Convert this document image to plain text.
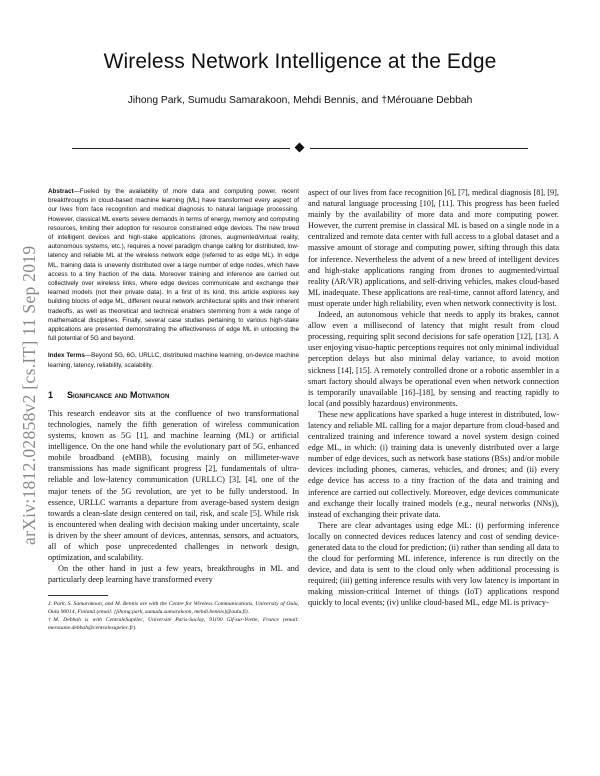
Wireless Network Intelligence at the Edge
Jihong Park, Sumudu Samarakoon, Mehdi Bennis, and †Mérouane Debbah
arXiv:1812.02858v2 [cs.IT] 11 Sep 2019

Abstract—Fueled by the availability of more data and computing power, recent breakthroughs in cloud-based machine learning (ML) have transformed every aspect of our lives from face recognition and medical diagnosis to natural language processing. However, classical ML exerts severe demands in terms of energy, memory and computing resources, limiting their adoption for resource constrained edge devices. The new breed of intelligent devices and high-stake applications (drones, augmented/virtual reality, autonomous systems, etc.), requires a novel paradigm change calling for distributed, low-latency and reliable ML at the wireless network edge (referred to as edge ML). In edge ML, training data is unevenly distributed over a large number of edge nodes, which have access to a tiny fraction of the data. Moreover training and inference are carried out collectively over wireless links, where edge devices communicate and exchange their learned models (not their private data). In a first of its kind, this article explores key building blocks of edge ML, different neural network architectural splits and their inherent tradeoffs, as well as theoretical and technical enablers stemming from a wide range of mathematical disciplines. Finally, several case studies pertaining to various high-stake applications are presented demonstrating the effectiveness of edge ML in unlocking the full potential of 5G and beyond.

Index Terms—Beyond 5G, 6G, URLLC, distributed machine learning, on-device machine learning, latency, reliability, scalability.

1 Significance and Motivation

This research endeavor sits at the confluence of two transformational technologies, namely the fifth generation of wireless communication systems, known as 5G [1], and machine learning (ML) or artificial intelligence. On the one hand while the evolutionary part of 5G, enhanced mobile broadband (eMBB), focusing mainly on millimeter-wave transmissions has made significant progress [2], fundamentals of ultra-reliable and low-latency communication (URLLC) [3], [4], one of the major tenets of the 5G revolution, are yet to be fully understood. In essence, URLLC warrants a departure from average-based system design towards a clean-slate design centered on tail, risk, and scale [5]. While risk is encountered when dealing with decision making under uncertainty, scale is driven by the sheer amount of devices, antennas, sensors, and actuators, all of which pose unprecedented challenges in network design, optimization, and scalability.

On the other hand in just a few years, breakthroughs in ML and particularly deep learning have transformed every

J. Park, S. Samarakoon, and M. Bennis are with the Centre for Wireless Communications, University of Oulu, Oulu 90014, Finland (email: {jihong.park, sumudu.samarakoon, mehdi.bennis}@oulu.fi).

†M. Debbah is with CentraleSupélec, Université Paris-Saclay, 91190 Gif-sur-Yvette, France (email: merouane.debbah@centralesupelec.fr).

aspect of our lives from face recognition [6], [7], medical diagnosis [8], [9], and natural language processing [10], [11]. This progress has been fueled mainly by the availability of more data and more computing power. However, the current premise in classical ML is based on a single node in a centralized and remote data center with full access to a global dataset and a massive amount of storage and computing power, sifting through this data for inference. Nevertheless the advent of a new breed of intelligent devices and high-stake applications ranging from drones to augmented/virtual reality (AR/VR) applications, and self-driving vehicles, makes cloud-based ML inadequate. These applications are real-time, cannot afford latency, and must operate under high reliability, even when network connectivity is lost.

Indeed, an autonomous vehicle that needs to apply its brakes, cannot allow even a millisecond of latency that might result from cloud processing, requiring split second decisions for safe operation [12], [13]. A user enjoying visuo-haptic perceptions requires not only minimal individual perception delays but also minimal delay variance, to avoid motion sickness [14], [15]. A remotely controlled drone or a robotic assembler in a smart factory should always be operational even when network connection is temporarily unavailable [16]–[18], by sensing and reacting rapidly to local (and possibly hazardous) environments.

These new applications have sparked a huge interest in distributed, low-latency and reliable ML calling for a major departure from cloud-based and centralized training and inference toward a novel system design coined edge ML, in which: (i) training data is unevenly distributed over a large number of edge devices, such as network base stations (BSs) and/or mobile devices including phones, cameras, vehicles, and drones; and (ii) every edge device has access to a tiny fraction of the data and training and inference are carried out collectively. Moreover, edge devices communicate and exchange their locally trained models (e.g., neural networks (NNs)), instead of exchanging their private data.

There are clear advantages using edge ML: (i) performing inference locally on connected devices reduces latency and cost of sending device-generated data to the cloud for prediction; (ii) rather than sending all data to the cloud for performing ML inference, inference is run directly on the device, and data is sent to the cloud only when additional processing is required; (iii) getting inference results with very low latency is important in making mission-critical Internet of things (IoT) applications respond quickly to local events; (iv) unlike cloud-based ML, edge ML is privacy-
